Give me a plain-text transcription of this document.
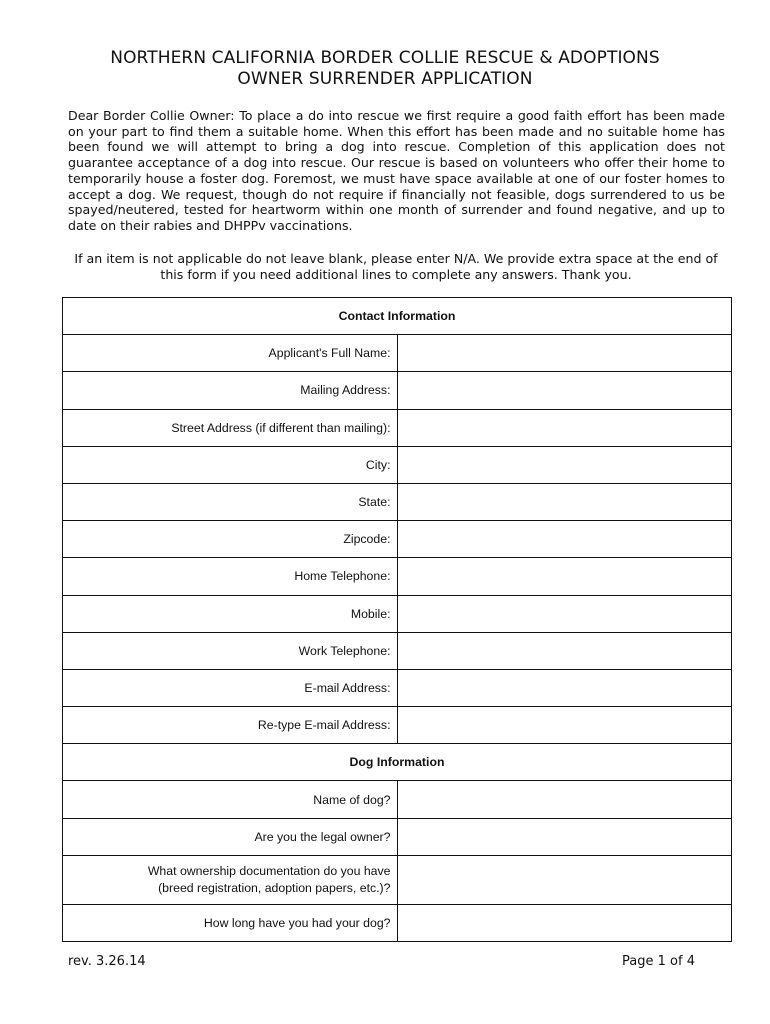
NORTHERN CALIFORNIA BORDER COLLIE RESCUE & ADOPTIONS
OWNER SURRENDER APPLICATION
Dear Border Collie Owner: To place a do into rescue we first require a good faith effort has been made on your part to find them a suitable home. When this effort has been made and no suitable home has been found we will attempt to bring a dog into rescue. Completion of this application does not guarantee acceptance of a dog into rescue. Our rescue is based on volunteers who offer their home to temporarily house a foster dog. Foremost, we must have space available at one of our foster homes to accept a dog. We request, though do not require if financially not feasible, dogs surrendered to us be spayed/neutered, tested for heartworm within one month of surrender and found negative, and up to date on their rabies and DHPPv vaccinations.
If an item is not applicable do not leave blank, please enter N/A. We provide extra space at the end of this form if you need additional lines to complete any answers. Thank you.
Contact Information	
Applicant's Full Name:	
Mailing Address:	
Street Address (if different than mailing):	
City:	
State:	
Zipcode:	
Home Telephone:	
Mobile:	
Work Telephone:	
E-mail Address:	
Re-type E-mail Address:	
Dog Information	
Name of dog?	
Are you the legal owner?	

What ownership documentation do you have
(breed registration, adoption papers, etc.)?	

How long have you had your dog?	
rev. 3.26.14	Page 1 of 4
